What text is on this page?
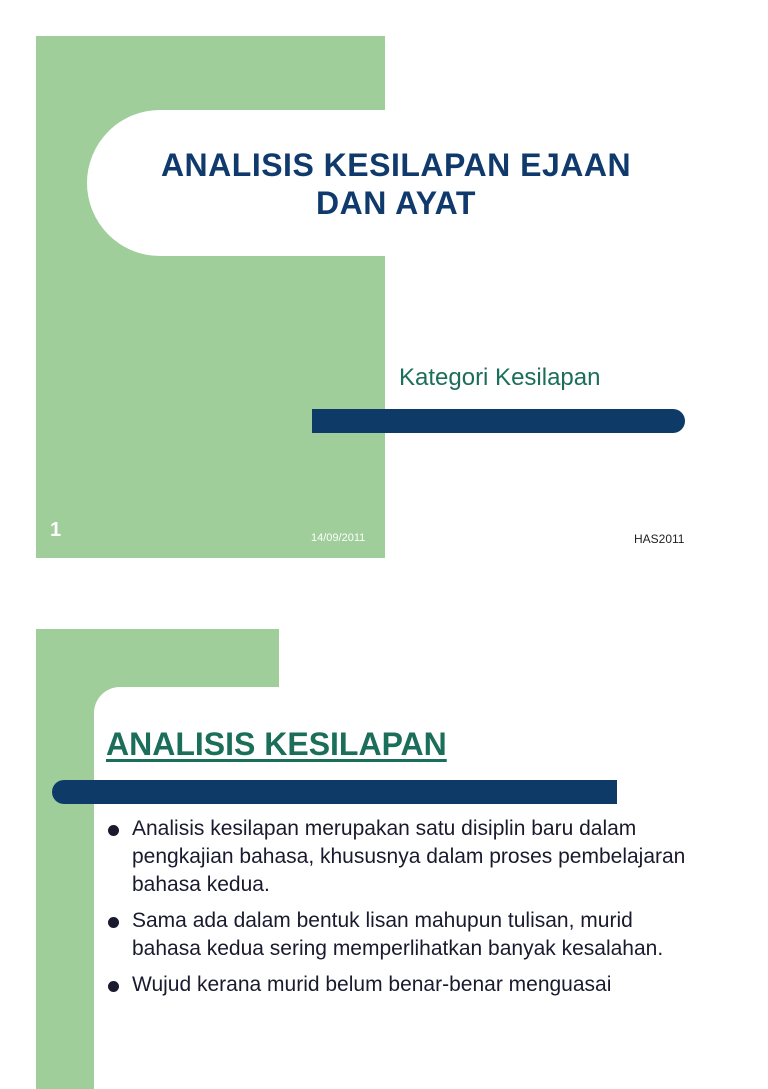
ANALISIS KESILAPAN EJAAN
DAN AYAT
Kategori Kesilapan
1	14/09/2011	HAS2011
ANALISIS KESILAPAN
Analisis kesilapan merupakan satu disiplin baru dalam pengkajian bahasa, khususnya dalam proses pembelajaran bahasa kedua.
Sama ada dalam bentuk lisan mahupun tulisan, murid bahasa kedua sering memperlihatkan banyak kesalahan.
Wujud kerana murid belum benar-benar menguasai
